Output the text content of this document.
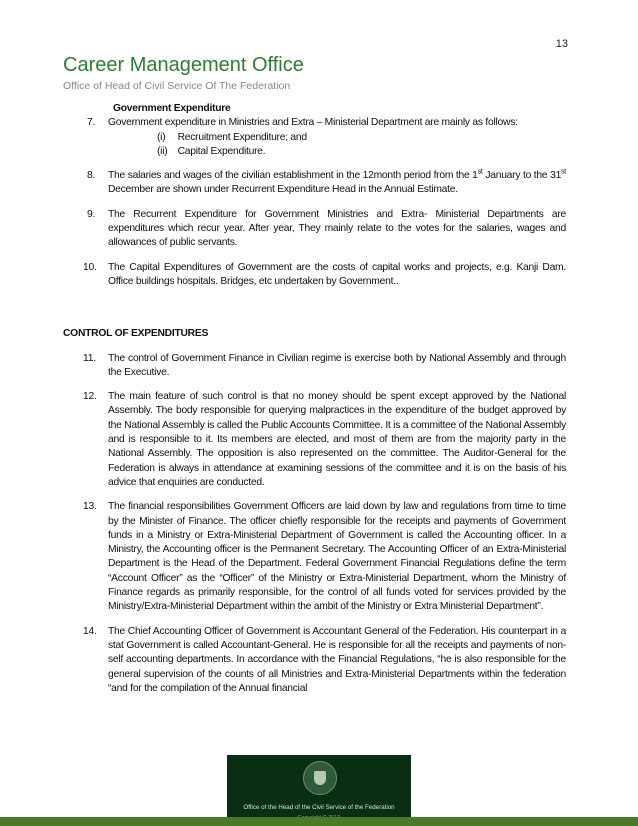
13
Career Management Office
Office of Head of Civil Service Of The Federation
Government Expenditure
7. Government expenditure in Ministries and Extra – Ministerial Department are mainly as follows:
(i) Recruitment Expenditure; and
(ii) Capital Expenditure.
8. The salaries and wages of the civilian establishment in the 12month period from the 1st January to the 31st December are shown under Recurrent Expenditure Head in the Annual Estimate.
9. The Recurrent Expenditure for Government Ministries and Extra- Ministerial Departments are expenditures which recur year. After year, They mainly relate to the votes for the salaries, wages and allowances of public servants.
10. The Capital Expenditures of Government are the costs of capital works and projects, e.g. Kanji Dam. Office buildings hospitals. Bridges, etc undertaken by Government..
CONTROL OF EXPENDITURES
11. The control of Government Finance in Civilian regime is exercise both by National Assembly and through the Executive.
12. The main feature of such control is that no money should be spent except approved by the National Assembly. The body responsible for querying malpractices in the expenditure of the budget approved by the National Assembly is called the Public Accounts Committee. It is a committee of the National Assembly and is responsible to it. Its members are elected, and most of them are from the majority party in the National Assembly. The opposition is also represented on the committee. The Auditor-General for the Federation is always in attendance at examining sessions of the committee and it is on the basis of his advice that enquiries are conducted.
13. The financial responsibilities Government Officers are laid down by law and regulations from time to time by the Minister of Finance. The officer chiefly responsible for the receipts and payments of Government funds in a Ministry or Extra-Ministerial Department of Government is called the Accounting officer. In a Ministry, the Accounting officer is the Permanent Secretary. The Accounting Officer of an Extra-Ministerial Department is the Head of the Department. Federal Government Financial Regulations define the term “Account Officer” as the “Officer” of the Ministry or Extra-Ministerial Department, whom the Ministry of Finance regards as primarily responsible, for the control of all funds voted for services provided by the Ministry/Extra-Ministerial Department within the ambit of the Ministry or Extra Ministerial Department”.
14. The Chief Accounting Officer of Government is Accountant General of the Federation. His counterpart in a stat Government is called Accountant-General. He is responsible for all the receipts and payments of non-self accounting departments. In accordance with the Financial Regulations, “he is also responsible for the general supervision of the counts of all Ministries and Extra-Ministerial Departments within the federation “and for the compilation of the Annual financial
Office of the Head of the Civil Service of the Federation
